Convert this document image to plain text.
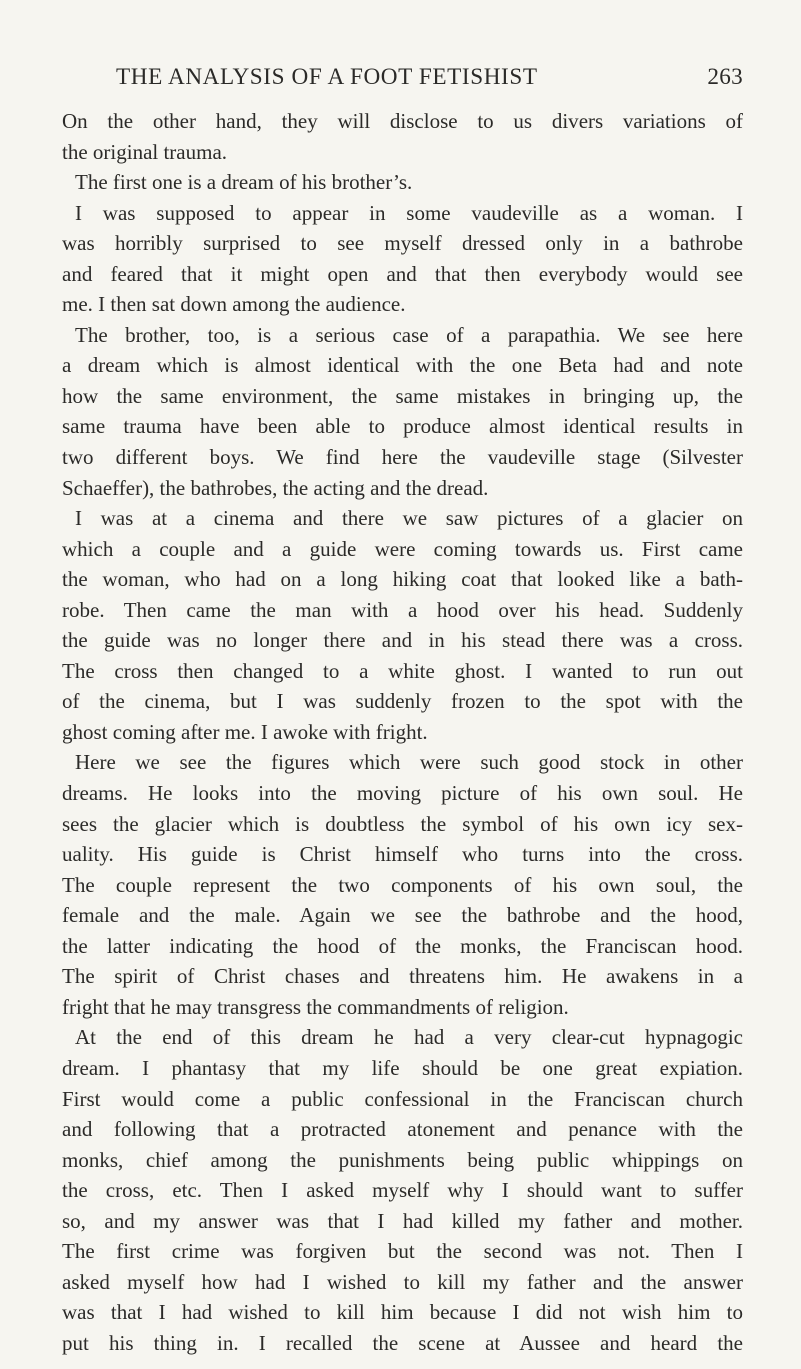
THE ANALYSIS OF A FOOT FETISHIST	263
On the other hand, they will disclose to us divers variations of
the original trauma.
The first one is a dream of his brother’s.
I was supposed to appear in some vaudeville as a woman. I
was horribly surprised to see myself dressed only in a bathrobe
and feared that it might open and that then everybody would see
me. I then sat down among the audience.
The brother, too, is a serious case of a parapathia. We see here
a dream which is almost identical with the one Beta had and note
how the same environment, the same mistakes in bringing up, the
same trauma have been able to produce almost identical results in
two different boys. We find here the vaudeville stage (Silvester
Schaeffer), the bathrobes, the acting and the dread.
I was at a cinema and there we saw pictures of a glacier on
which a couple and a guide were coming towards us. First came
the woman, who had on a long hiking coat that looked like a bath-
robe. Then came the man with a hood over his head. Suddenly
the guide was no longer there and in his stead there was a cross.
The cross then changed to a white ghost. I wanted to run out
of the cinema, but I was suddenly frozen to the spot with the
ghost coming after me. I awoke with fright.
Here we see the figures which were such good stock in other
dreams. He looks into the moving picture of his own soul. He
sees the glacier which is doubtless the symbol of his own icy sex-
uality. His guide is Christ himself who turns into the cross.
The couple represent the two components of his own soul, the
female and the male. Again we see the bathrobe and the hood,
the latter indicating the hood of the monks, the Franciscan hood.
The spirit of Christ chases and threatens him. He awakens in a
fright that he may transgress the commandments of religion.
At the end of this dream he had a very clear-cut hypnagogic
dream. I phantasy that my life should be one great expiation.
First would come a public confessional in the Franciscan church
and following that a protracted atonement and penance with the
monks, chief among the punishments being public whippings on
the cross, etc. Then I asked myself why I should want to suffer
so, and my answer was that I had killed my father and mother.
The first crime was forgiven but the second was not. Then I
asked myself how had I wished to kill my father and the answer
was that I had wished to kill him because I did not wish him to
put his thing in. I recalled the scene at Aussee and heard the
